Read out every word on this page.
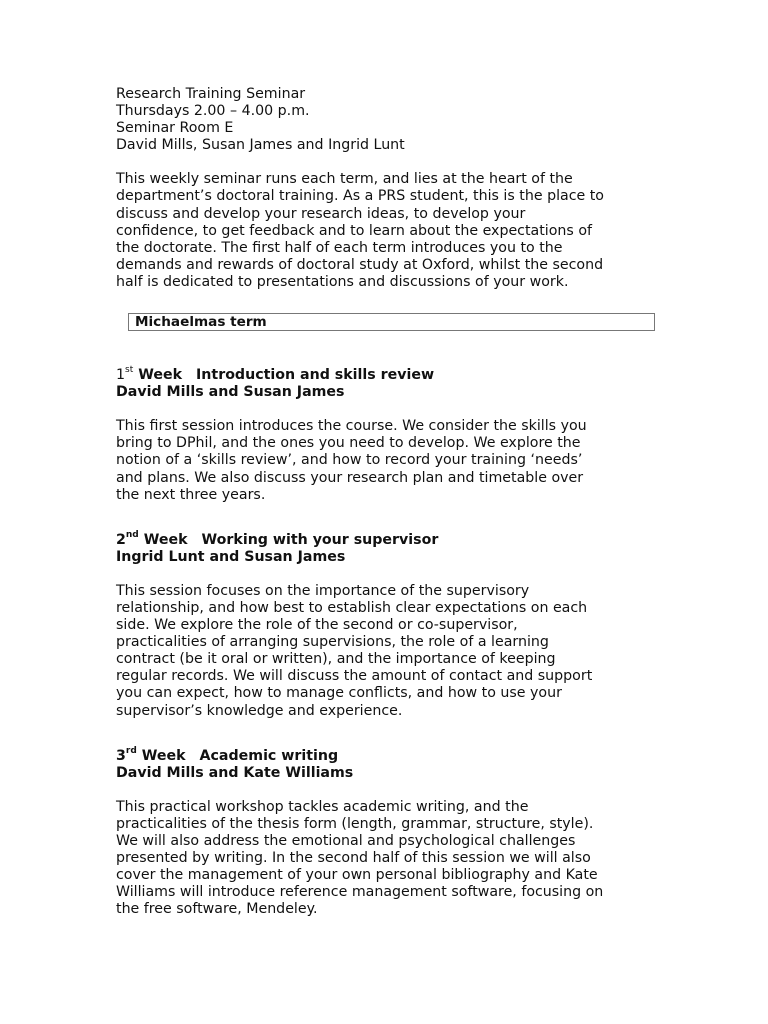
Research Training Seminar

Thursdays 2.00 – 4.00 p.m.

Seminar Room E

David Mills, Susan James and Ingrid Lunt

This weekly seminar runs each term, and lies at the heart of the
department’s doctoral training. As a PRS student, this is the place to
discuss and develop your research ideas, to develop your
confidence, to get feedback and to learn about the expectations of
the doctorate. The first half of each term introduces you to the
demands and rewards of doctoral study at Oxford, whilst the second
half is dedicated to presentations and discussions of your work.
Michaelmas term

1st Week Introduction and skills review

David Mills and Susan James

This first session introduces the course. We consider the skills you
bring to DPhil, and the ones you need to develop. We explore the
notion of a ‘skills review’, and how to record your training ‘needs’
and plans. We also discuss your research plan and timetable over
the next three years.

2nd Week Working with your supervisor

Ingrid Lunt and Susan James

This session focuses on the importance of the supervisory
relationship, and how best to establish clear expectations on each
side. We explore the role of the second or co-supervisor,
practicalities of arranging supervisions, the role of a learning
contract (be it oral or written), and the importance of keeping
regular records. We will discuss the amount of contact and support
you can expect, how to manage conflicts, and how to use your
supervisor’s knowledge and experience.

3rd Week Academic writing

David Mills and Kate Williams

This practical workshop tackles academic writing, and the
practicalities of the thesis form (length, grammar, structure, style).
We will also address the emotional and psychological challenges
presented by writing. In the second half of this session we will also
cover the management of your own personal bibliography and Kate
Williams will introduce reference management software, focusing on
the free software, Mendeley.
